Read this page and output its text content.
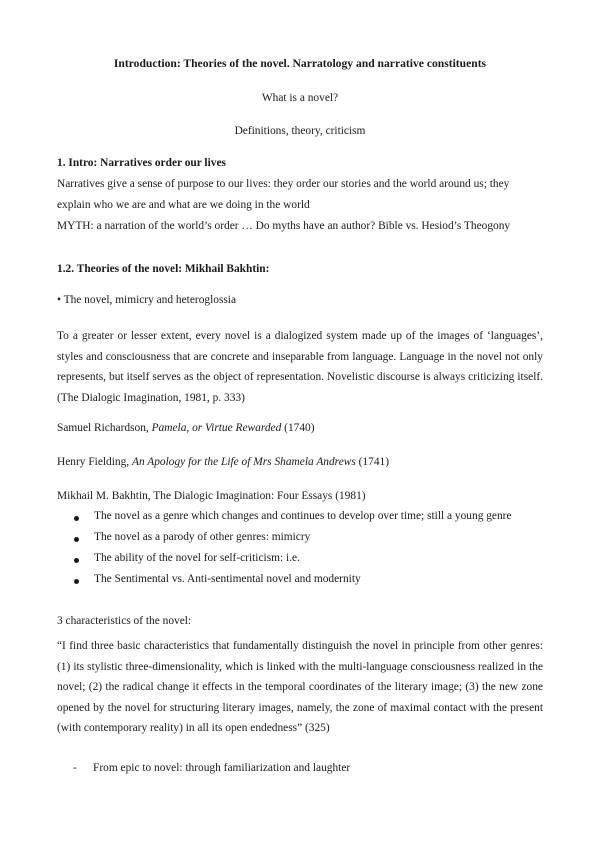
Introduction: Theories of the novel. Narratology and narrative constituents
What is a novel?
Definitions, theory, criticism
1. Intro: Narratives order our lives
Narratives give a sense of purpose to our lives: they order our stories and the world around us; they
explain who we are and what are we doing in the world
MYTH: a narration of the world’s order … Do myths have an author? Bible vs. Hesiod’s Theogony
1.2. Theories of the novel: Mikhail Bakhtin:
• The novel, mimicry and heteroglossia
To a greater or lesser extent, every novel is a dialogized system made up of the images of ‘languages’, styles and consciousness that are concrete and inseparable from language. Language in the novel not only represents, but itself serves as the object of representation. Novelistic discourse is always criticizing itself. (The Dialogic Imagination, 1981, p. 333)
Samuel Richardson, Pamela, or Virtue Rewarded (1740)
Henry Fielding, An Apology for the Life of Mrs Shamela Andrews (1741)
Mikhail M. Bakhtin, The Dialogic Imagination: Four Essays (1981)
The novel as a genre which changes and continues to develop over time; still a young genre
The novel as a parody of other genres: mimicry
The ability of the novel for self-criticism: i.e.
The Sentimental vs. Anti-sentimental novel and modernity
3 characteristics of the novel:
“I find three basic characteristics that fundamentally distinguish the novel in principle from other genres: (1) its stylistic three-dimensionality, which is linked with the multi-language consciousness realized in the novel; (2) the radical change it effects in the temporal coordinates of the literary image; (3) the new zone opened by the novel for structuring literary images, namely, the zone of maximal contact with the present (with contemporary reality) in all its open endedness” (325)
- From epic to novel: through familiarization and laughter
